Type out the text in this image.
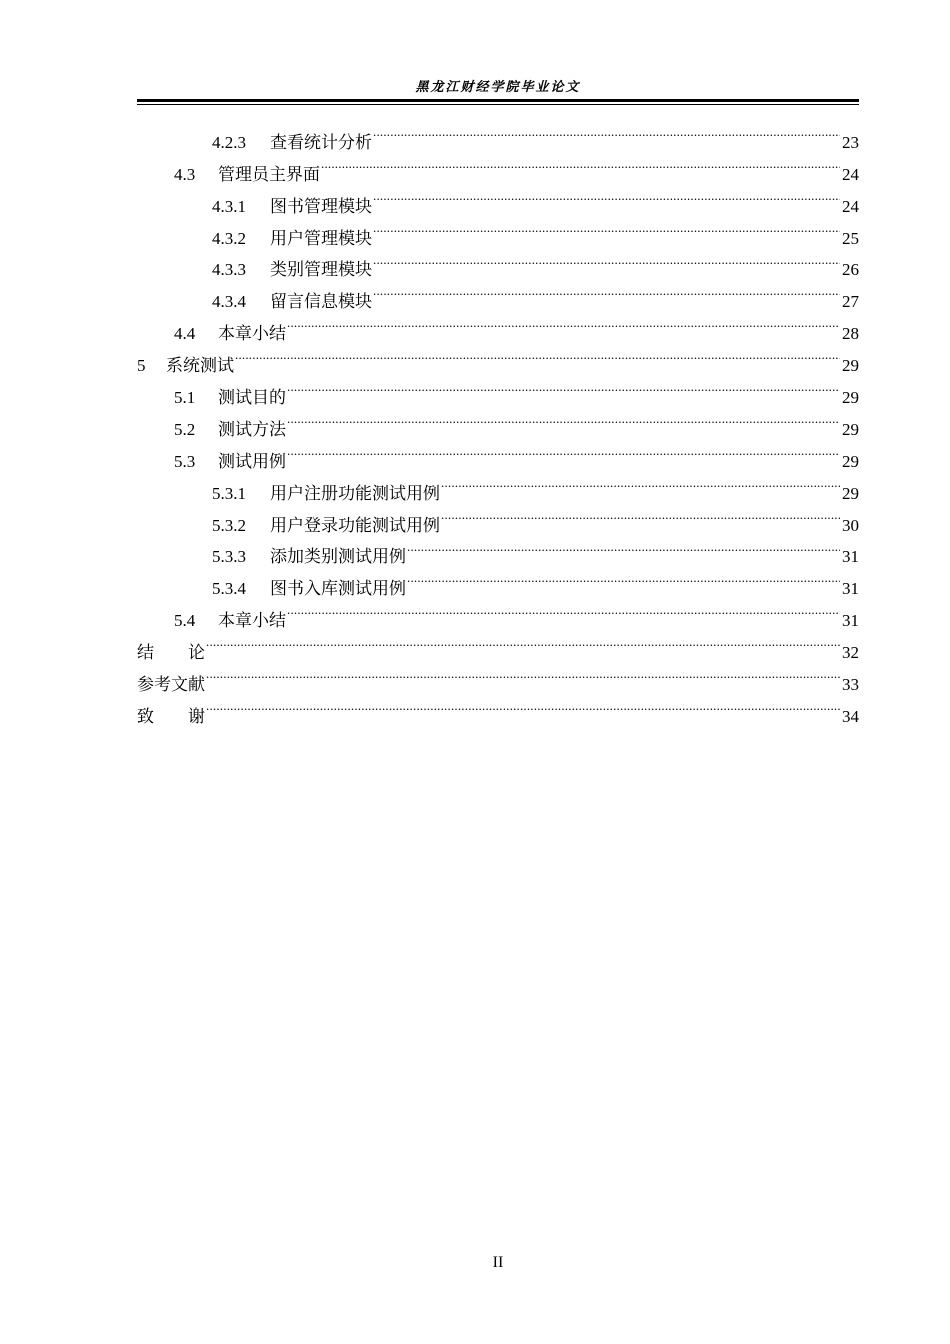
黑龙江财经学院毕业论文
4.2.3	查看统计分析 .....	23
4.3	管理员主界面 .....	24
4.3.1	图书管理模块 .....	24
4.3.2	用户管理模块 .....	25
4.3.3	类别管理模块 .....	26
4.3.4	留言信息模块 .....	27
4.4	本章小结 .....	28
5	系统测试 .....	29
5.1	测试目的 .....	29
5.2	测试方法 .....	29
5.3	测试用例 .....	29
5.3.1	用户注册功能测试用例 .....	29
5.3.2	用户登录功能测试用例 .....	30
5.3.3	添加类别测试用例 .....	31
5.3.4	图书入库测试用例 .....	31
5.4	本章小结 .....	31
结　　论 .....	32
参考文献 .....	33
致　　谢 .....	34
II
